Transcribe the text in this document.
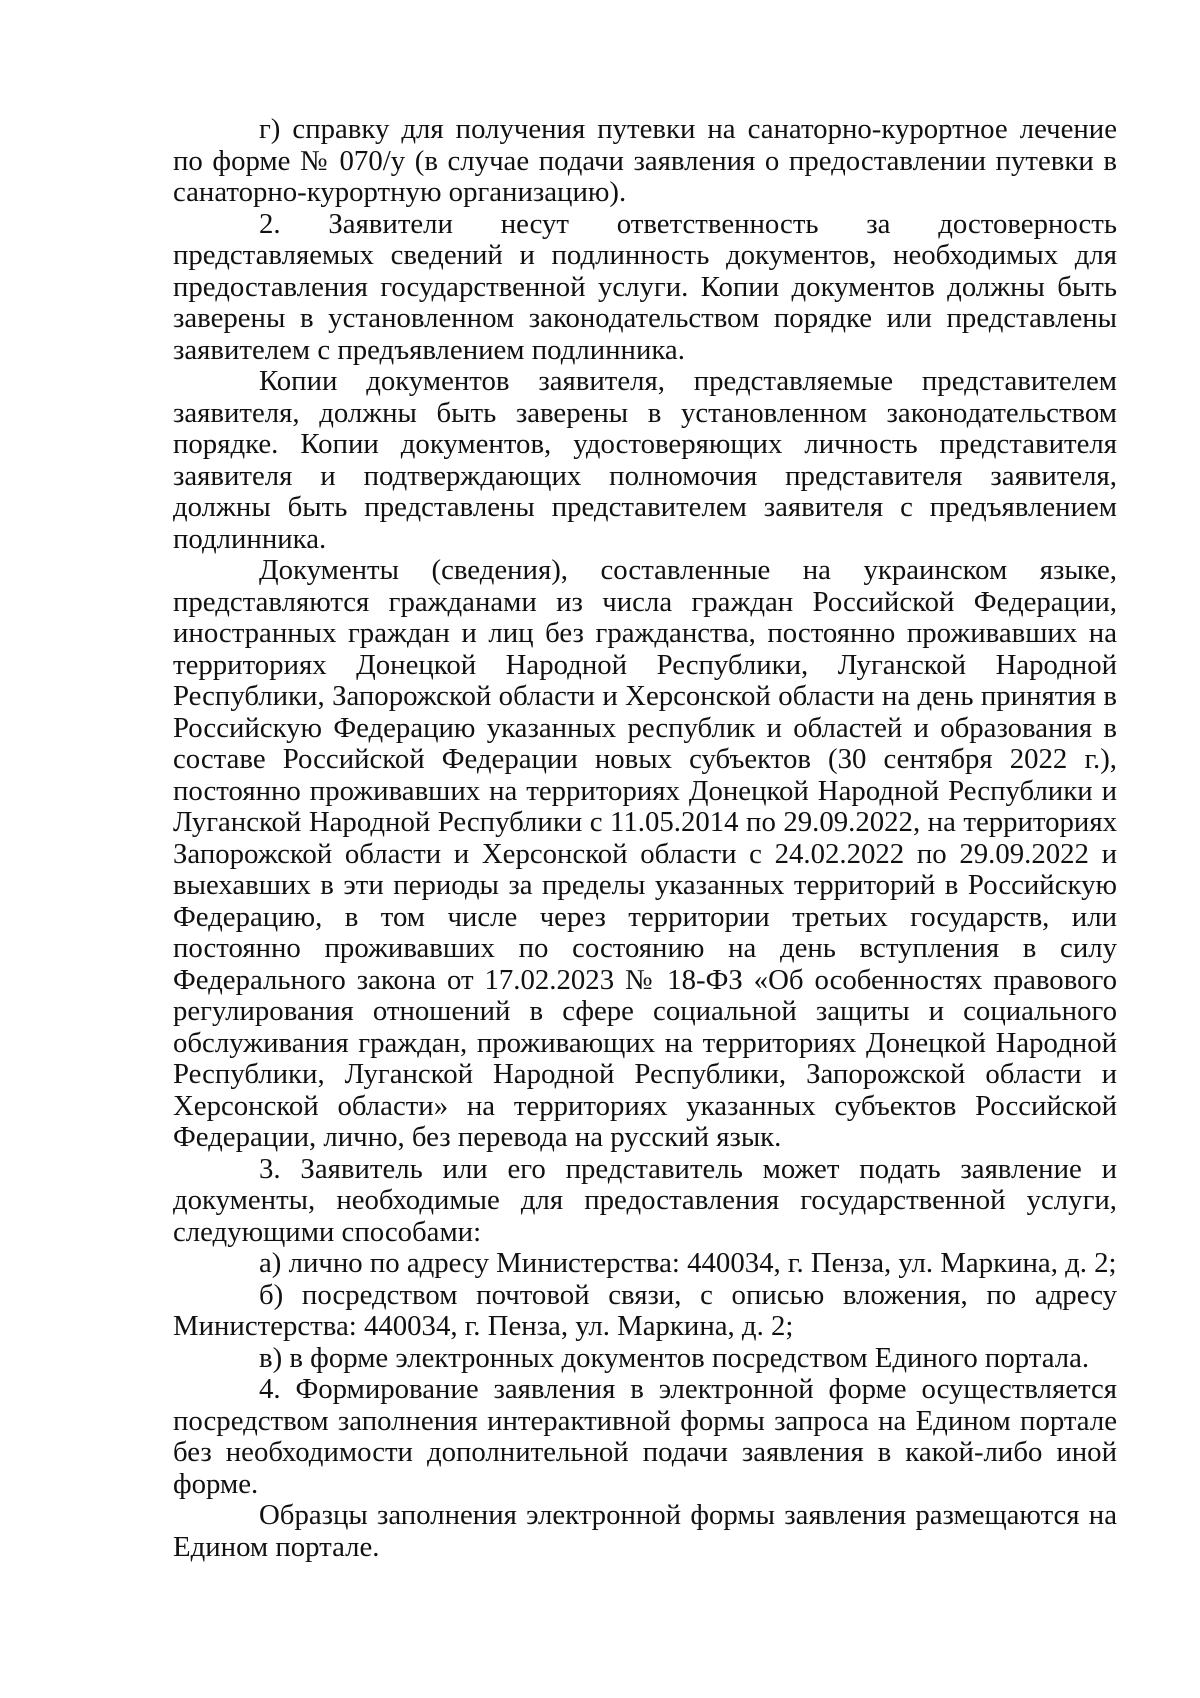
г) справку для получения путевки на санаторно-курортное лечение по форме № 070/у (в случае подачи заявления о предоставлении путевки в санаторно-курортную организацию).

2. Заявители несут ответственность за достоверность представляемых сведений и подлинность документов, необходимых для предоставления государственной услуги. Копии документов должны быть заверены в установленном законодательством порядке или представлены заявителем с предъявлением подлинника.

Копии документов заявителя, представляемые представителем заявителя, должны быть заверены в установленном законодательством порядке. Копии документов, удостоверяющих личность представителя заявителя и подтверждающих полномочия представителя заявителя, должны быть представлены представителем заявителя с предъявлением подлинника.

Документы (сведения), составленные на украинском языке, представляются гражданами из числа граждан Российской Федерации, иностранных граждан и лиц без гражданства, постоянно проживавших на территориях Донецкой Народной Республики, Луганской Народной Республики, Запорожской области и Херсонской области на день принятия в Российскую Федерацию указанных республик и областей и образования в составе Российской Федерации новых субъектов (30 сентября 2022 г.), постоянно проживавших на территориях Донецкой Народной Республики и Луганской Народной Республики с 11.05.2014 по 29.09.2022, на территориях Запорожской области и Херсонской области с 24.02.2022 по 29.09.2022 и выехавших в эти периоды за пределы указанных территорий в Российскую Федерацию, в том числе через территории третьих государств, или постоянно проживавших по состоянию на день вступления в силу Федерального закона от 17.02.2023 № 18-ФЗ «Об особенностях правового регулирования отношений в сфере социальной защиты и социального обслуживания граждан, проживающих на территориях Донецкой Народной Республики, Луганской Народной Республики, Запорожской области и Херсонской области» на территориях указанных субъектов Российской Федерации, лично, без перевода на русский язык.

3. Заявитель или его представитель может подать заявление и документы, необходимые для предоставления государственной услуги, следующими способами:

а) лично по адресу Министерства: 440034, г. Пенза, ул. Маркина, д. 2;

б) посредством почтовой связи, с описью вложения, по адресу Министерства: 440034, г. Пенза, ул. Маркина, д. 2;

в) в форме электронных документов посредством Единого портала.

4. Формирование заявления в электронной форме осуществляется посредством заполнения интерактивной формы запроса на Едином портале без необходимости дополнительной подачи заявления в какой-либо иной форме.

Образцы заполнения электронной формы заявления размещаются на Едином портале.
